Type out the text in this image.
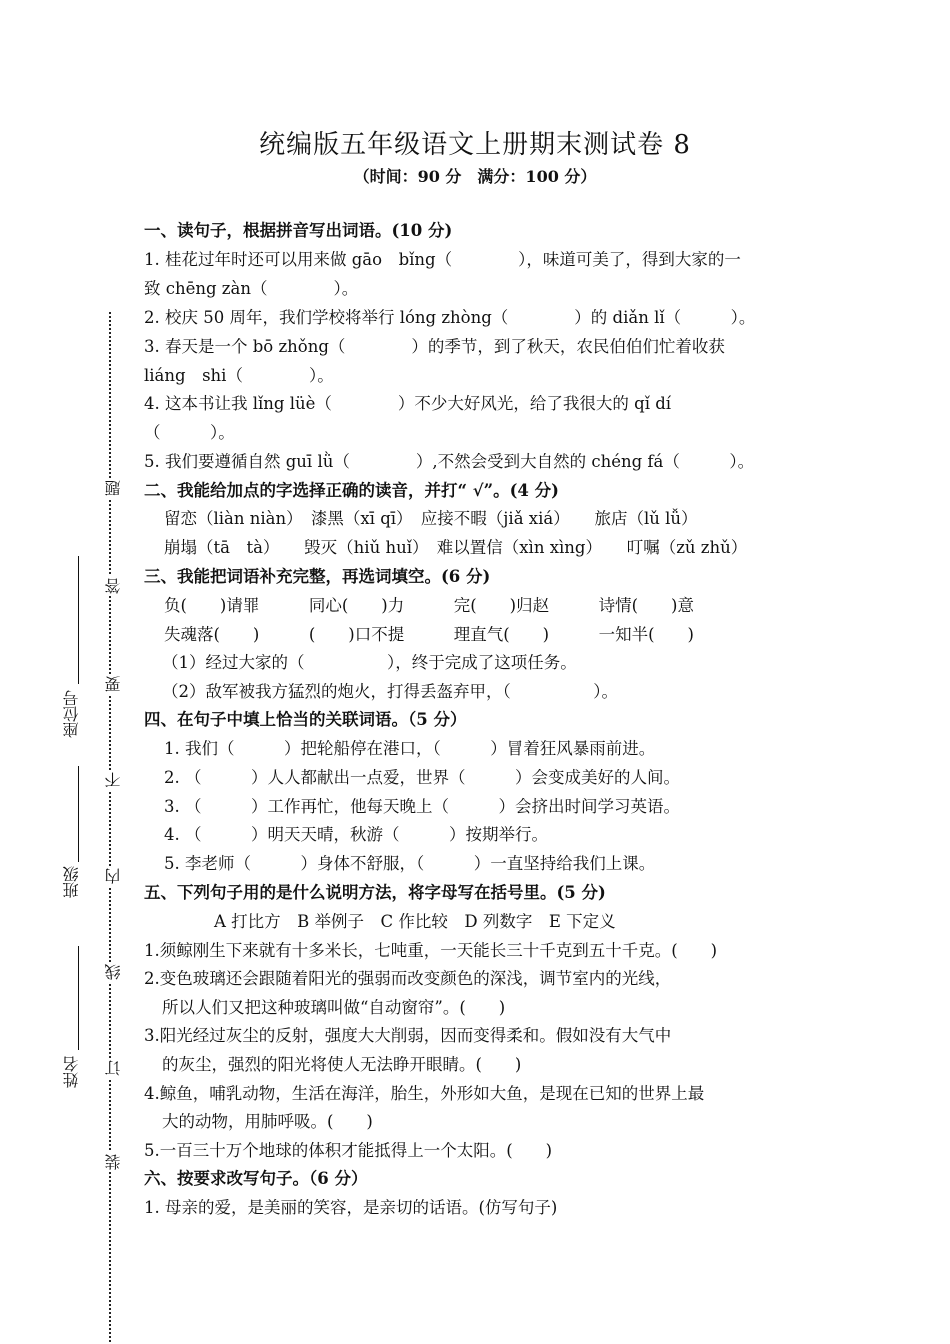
统编版五年级语文上册期末测试卷 8
（时间：90 分　满分：100 分）
题
答
要
不
内
线
订
装
座位号
班级
姓名
一、读句子，根据拼音写出词语。(10 分)
1. 桂花过年时还可以用来做 gāo　bǐng（　　　　），味道可美了，得到大家的一
致 chēng zàn（　　　　）。
2. 校庆 50 周年，我们学校将举行 lóng zhòng（　　　　）的 diǎn lǐ（　　　）。
3. 春天是一个 bō zhǒng（　　　　）的季节，到了秋天，农民伯伯们忙着收获
liáng　shi（　　　　）。
4. 这本书让我 lǐng lüè（　　　　）不少大好风光，给了我很大的 qǐ dí
（　　　）。
5. 我们要遵循自然 guī lǜ（　　　　）,不然会受到大自然的 chéng fá（　　　）。
二、我能给加点的字选择正确的读音，并打“ √”。(4 分)
留恋（liàn niàn）　漆黑（xī qī）　应接不暇（jiǎ xiá）　　旅店（lǔ lǚ）
崩塌（tā　tà）　　毁灭（hiǔ huǐ）　难以置信（xìn xìng）　　叮嘱（zǔ zhǔ）
三、我能把词语补充完整，再选词填空。(6 分)
负(　　)请罪　　　同心(　　)力　　　完(　　)归赵　　　诗情(　　)意
失魂落(　　)　　　(　　)口不提　　　理直气(　　)　　　一知半(　　)
（1）经过大家的（　　　　　），终于完成了这项任务。
（2）敌军被我方猛烈的炮火，打得丢盔弃甲，（　　　　　）。
四、在句子中填上恰当的关联词语。（5 分）
1. 我们（　　　）把轮船停在港口，（　　　）冒着狂风暴雨前进。
2. （　　　）人人都献出一点爱，世界（　　　）会变成美好的人间。
3. （　　　）工作再忙，他每天晚上（　　　）会挤出时间学习英语。
4. （　　　）明天天晴，秋游（　　　）按期举行。
5. 李老师（　　　）身体不舒服，（　　　）一直坚持给我们上课。
五、下列句子用的是什么说明方法，将字母写在括号里。(5 分)
A 打比方　B 举例子　C 作比较　D 列数字　E 下定义
1.须鲸刚生下来就有十多米长，七吨重，一天能长三十千克到五十千克。(　　)
2.变色玻璃还会跟随着阳光的强弱而改变颜色的深浅，调节室内的光线，
所以人们又把这种玻璃叫做“自动窗帘”。(　　)
3.阳光经过灰尘的反射，强度大大削弱，因而变得柔和。假如没有大气中
的灰尘，强烈的阳光将使人无法睁开眼睛。(　　)
4.鲸鱼，哺乳动物，生活在海洋，胎生，外形如大鱼，是现在已知的世界上最
大的动物，用肺呼吸。(　　)
5.一百三十万个地球的体积才能抵得上一个太阳。(　　)
六、按要求改写句子。（6 分）
1. 母亲的爱，是美丽的笑容，是亲切的话语。(仿写句子)
